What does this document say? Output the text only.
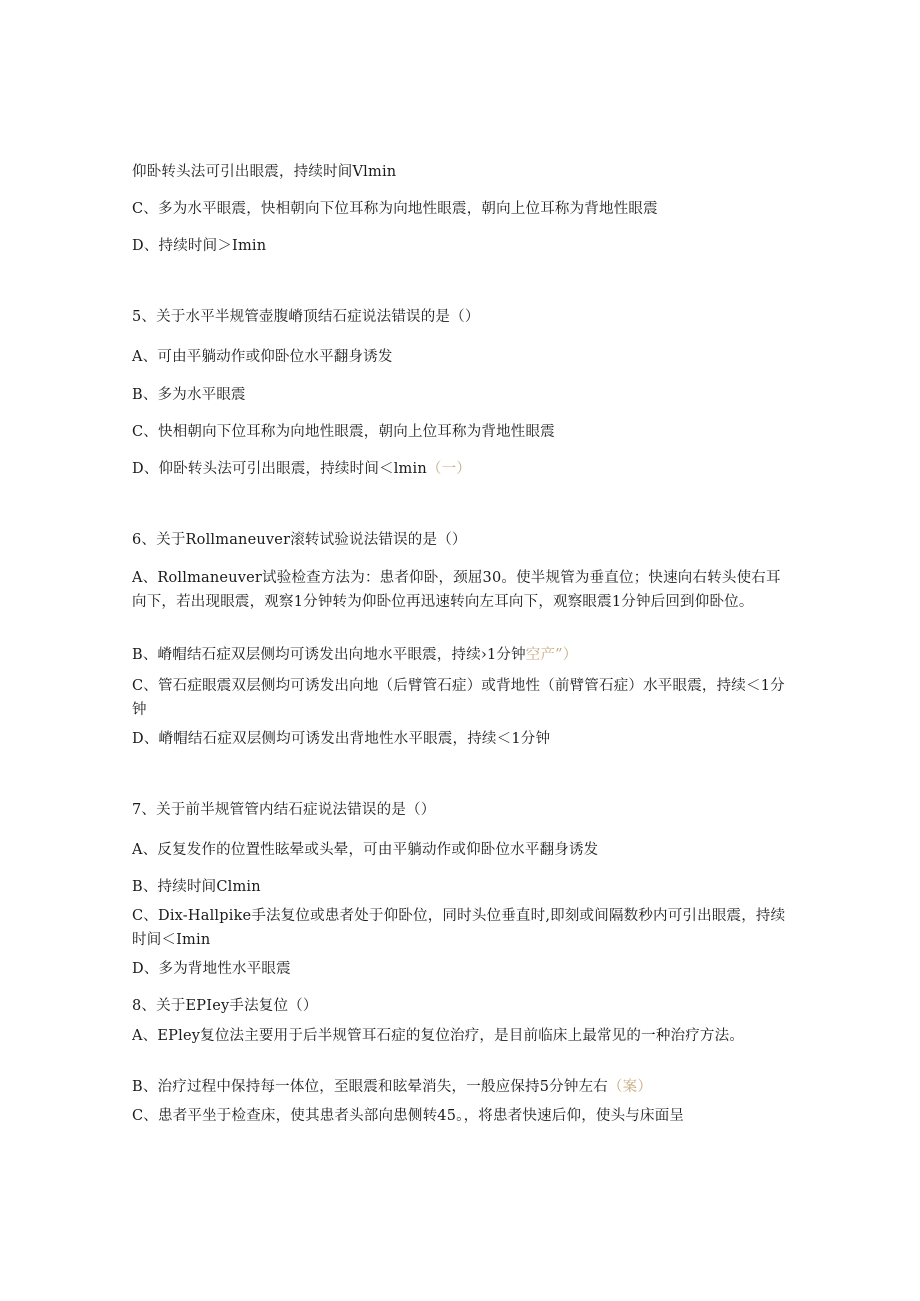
仰卧转头法可引出眼震，持续时间Vlmin
C、多为水平眼震，快相朝向下位耳称为向地性眼震，朝向上位耳称为背地性眼震
D、持续时间＞Imin
5、关于水平半规管壶腹嵴顶结石症说法错误的是（）
A、可由平躺动作或仰卧位水平翻身诱发
B、多为水平眼震
C、快相朝向下位耳称为向地性眼震，朝向上位耳称为背地性眼震
D、仰卧转头法可引出眼震，持续时间＜lmin（一）
6、关于Rollmaneuver滚转试验说法错误的是（）
A、Rollmaneuver试验检查方法为：患者仰卧，颈屈30。使半规管为垂直位；快速向右转头使右耳向下，若出现眼震，观察1分钟转为仰卧位再迅速转向左耳向下，观察眼震1分钟后回到仰卧位。
B、嵴帽结石症双层侧均可诱发出向地水平眼震，持续›1分钟空产”）
C、管石症眼震双层侧均可诱发出向地（后臂管石症）或背地性（前臂管石症）水平眼震，持续＜1分钟
D、嵴帽结石症双层侧均可诱发出背地性水平眼震，持续＜1分钟
7、关于前半规管管内结石症说法错误的是（）
A、反复发作的位置性眩晕或头晕，可由平躺动作或仰卧位水平翻身诱发
B、持续时间Clmin
C、Dix-Hallpike手法复位或患者处于仰卧位，同时头位垂直时,即刻或间隔数秒内可引出眼震，持续时间＜Imin
D、多为背地性水平眼震
8、关于EPIey手法复位（）
A、EPley复位法主要用于后半规管耳石症的复位治疗，是目前临床上最常见的一种治疗方法。
B、治疗过程中保持每一体位，至眼震和眩晕消失，一般应保持5分钟左右（案）
C、患者平坐于检查床，使其患者头部向患侧转45。，将患者快速后仰，使头与床面呈
